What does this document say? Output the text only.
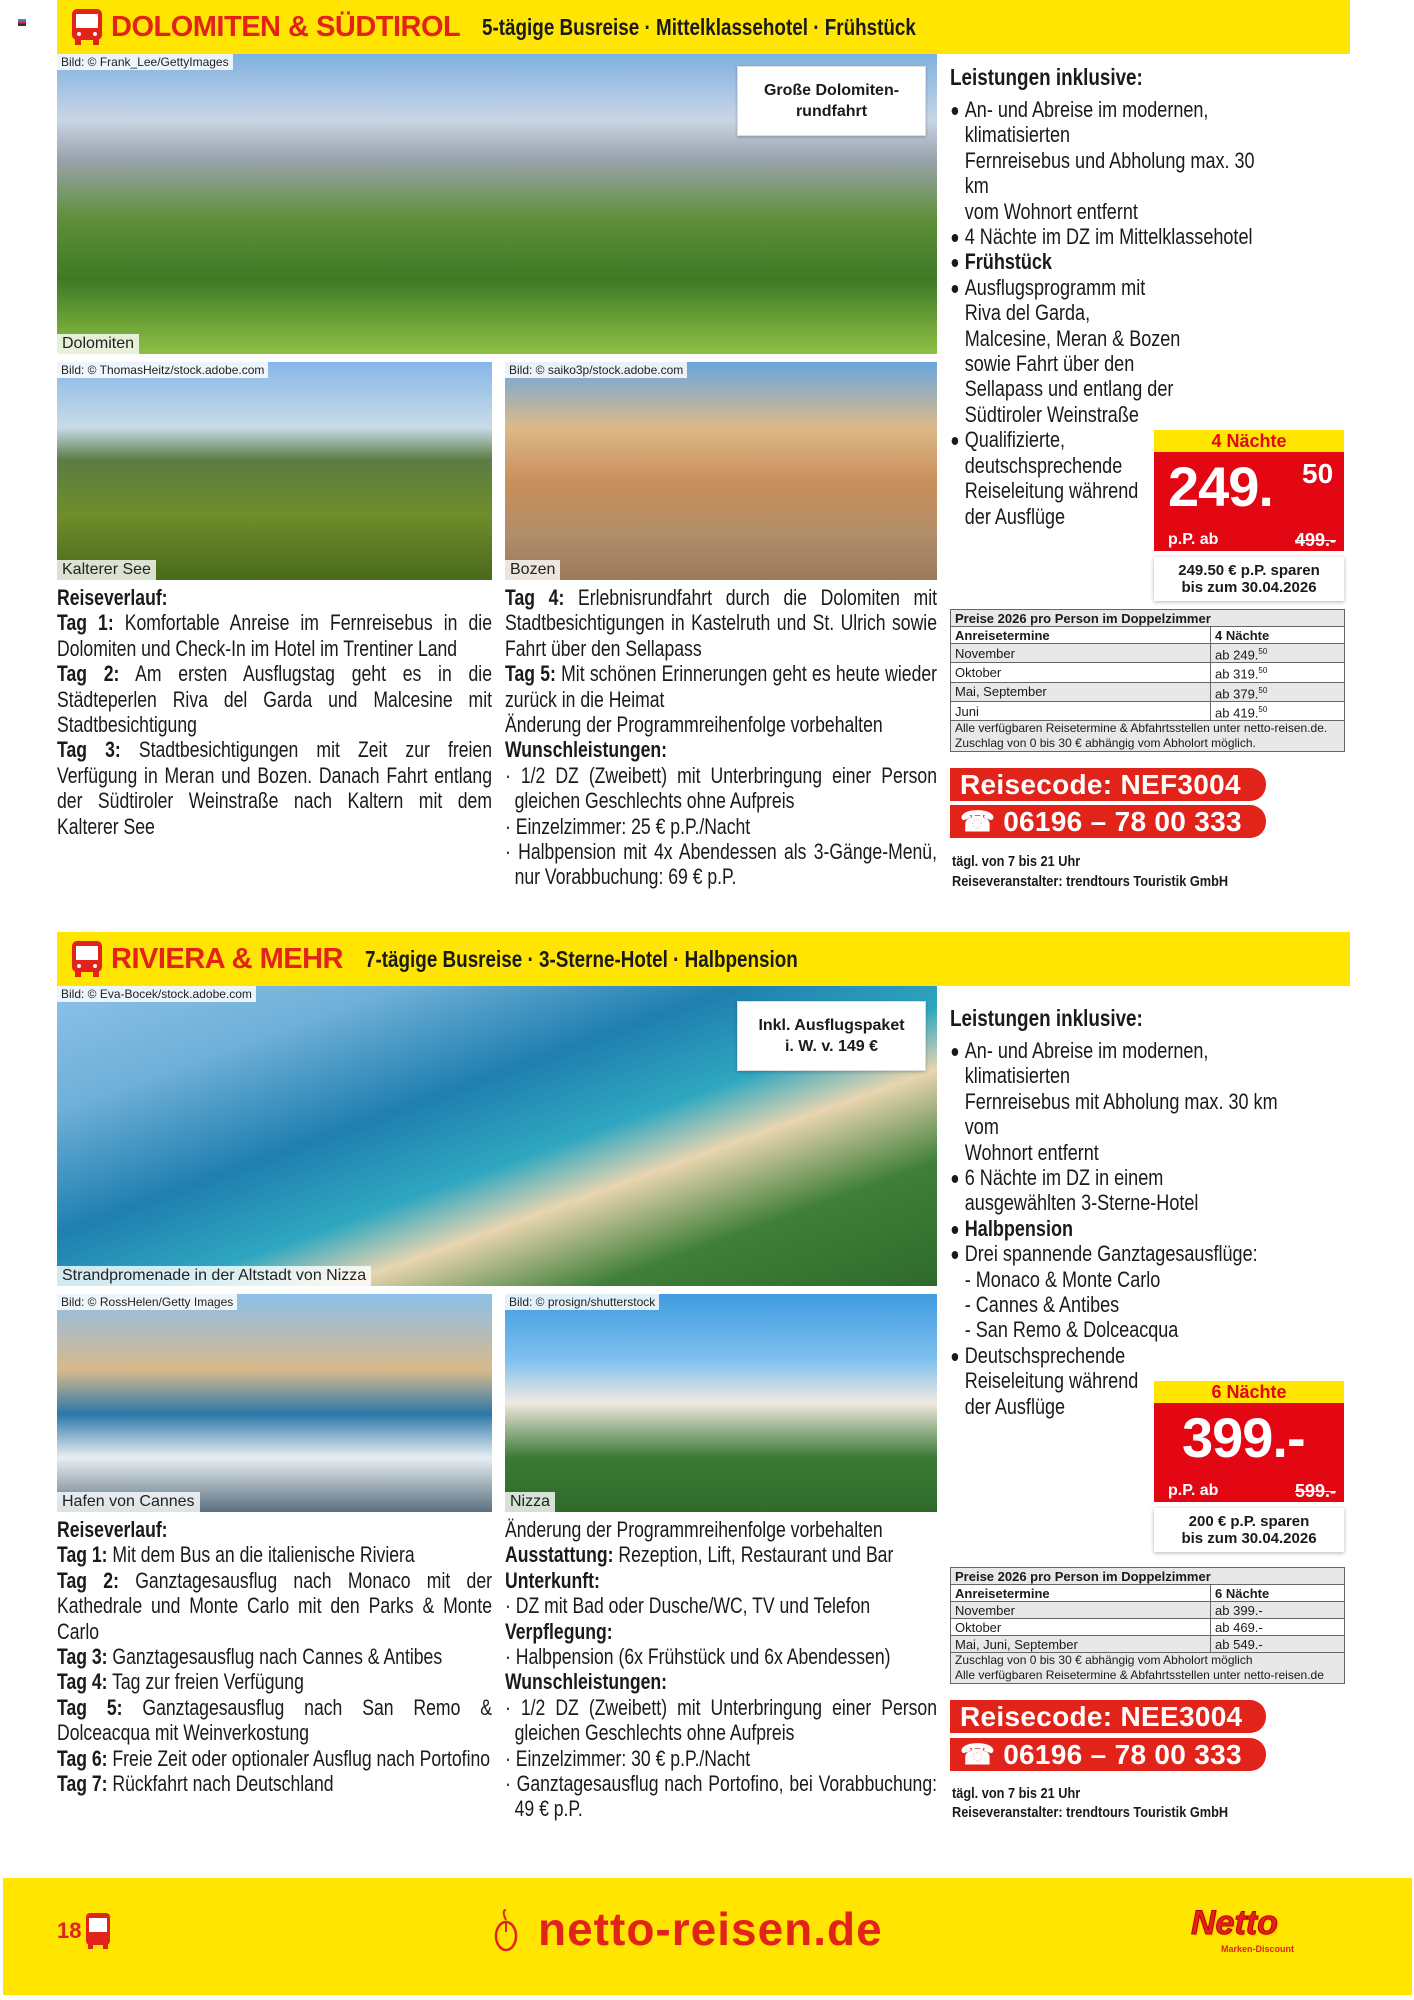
DOLOMITEN & SÜDTIROL 5-tägige Busreise · Mittelklassehotel · Frühstück
Bild: © Frank_Lee/GettyImages
Dolomiten
Große Dolomiten-
rundfahrt
Bild: © ThomasHeitz/stock.adobe.com
Kalterer See
Bild: © saiko3p/stock.adobe.com
Bozen
Reiseverlauf:
Tag 1: Komfortable Anreise im Fernreisebus in die Dolomiten und Check-In im Hotel im Trentiner Land
Tag 2: Am ersten Ausflugstag geht es in die Städteperlen Riva del Garda und Malcesine mit Stadtbesichtigung
Tag 3: Stadtbesichtigungen mit Zeit zur freien Verfügung in Meran und Bozen. Danach Fahrt entlang der Südtiroler Weinstraße nach Kaltern mit dem Kalterer See
Tag 4: Erlebnisrundfahrt durch die Dolomiten mit Stadtbesichtigungen in Kastelruth und St. Ulrich sowie Fahrt über den Sellapass
Tag 5: Mit schönen Erinnerungen geht es heute wieder zurück in die Heimat
Änderung der Programmreihenfolge vorbehalten
Wunschleistungen:
· 1/2 DZ (Zweibett) mit Unterbringung einer Person gleichen Geschlechts ohne Aufpreis
· Einzelzimmer: 25 € p.P./Nacht
· Halbpension mit 4x Abendessen als 3-Gänge-Menü, nur Vorabbuchung: 69 € p.P.
Leistungen inklusive:
An- und Abreise im modernen, klimatisierten
Fernreisebus und Abholung max. 30 km
vom Wohnort entfernt
4 Nächte im DZ im Mittelklassehotel
Frühstück
Ausflugsprogramm mit
Riva del Garda,
Malcesine, Meran & Bozen
sowie Fahrt über den
Sellapass und entlang der
Südtiroler Weinstraße
Qualifizierte,
deutschsprechende
Reiseleitung während
der Ausflüge
4 Nächte
249. 50
p.P. ab	499.-
249.50 € p.P. sparen
bis zum 30.04.2026
Preise 2026 pro Person im Doppelzimmer	
Anreisetermine	4 Nächte
November	ab 249.50
Oktober	ab 319.50
Mai, September	ab 379.50
Juni	ab 419.50

Alle verfügbaren Reisetermine & Abfahrtsstellen unter netto-reisen.de.
Zuschlag von 0 bis 30 € abhängig vom Abholort möglich.	
Reisecode: NEF3004
☎ 06196 – 78 00 333
tägl. von 7 bis 21 Uhr
Reiseveranstalter: trendtours Touristik GmbH
RIVIERA & MEHR 7-tägige Busreise · 3-Sterne-Hotel · Halbpension
Bild: © Eva-Bocek/stock.adobe.com
Strandpromenade in der Altstadt von Nizza
Inkl. Ausflugspaket
i. W. v. 149 €
Bild: © RossHelen/Getty Images
Hafen von Cannes
Bild: © prosign/shutterstock
Nizza
Reiseverlauf:
Tag 1: Mit dem Bus an die italienische Riviera
Tag 2: Ganztagesausflug nach Monaco mit der Kathedrale und Monte Carlo mit den Parks & Monte Carlo
Tag 3: Ganztagesausflug nach Cannes & Antibes
Tag 4: Tag zur freien Verfügung
Tag 5: Ganztagesausflug nach San Remo & Dolceacqua mit Weinverkostung
Tag 6: Freie Zeit oder optionaler Ausflug nach Portofino
Tag 7: Rückfahrt nach Deutschland
Änderung der Programmreihenfolge vorbehalten
Ausstattung: Rezeption, Lift, Restaurant und Bar
Unterkunft:
· DZ mit Bad oder Dusche/WC, TV und Telefon
Verpflegung:
· Halbpension (6x Frühstück und 6x Abendessen)
Wunschleistungen:
· 1/2 DZ (Zweibett) mit Unterbringung einer Person gleichen Geschlechts ohne Aufpreis
· Einzelzimmer: 30 € p.P./Nacht
· Ganztagesausflug nach Portofino, bei Vorabbuchung: 49 € p.P.
Leistungen inklusive:
An- und Abreise im modernen, klimatisierten
Fernreisebus mit Abholung max. 30 km vom
Wohnort entfernt
6 Nächte im DZ in einem
ausgewählten 3-Sterne-Hotel
Halbpension
Drei spannende Ganztagesausflüge:
- Monaco & Monte Carlo
- Cannes & Antibes
- San Remo & Dolceacqua
Deutschsprechende
Reiseleitung während
der Ausflüge
6 Nächte
399.-
p.P. ab	599.-
200 € p.P. sparen
bis zum 30.04.2026
Preise 2026 pro Person im Doppelzimmer	
Anreisetermine	6 Nächte
November	ab 399.-
Oktober	ab 469.-
Mai, Juni, September	ab 549.-

Zuschlag von 0 bis 30 € abhängig vom Abholort möglich
Alle verfügbaren Reisetermine & Abfahrtsstellen unter netto-reisen.de	
Reisecode: NEE3004
☎ 06196 – 78 00 333
tägl. von 7 bis 21 Uhr
Reiseveranstalter: trendtours Touristik GmbH
18	netto-reisen.de	Netto
Marken-Discount
